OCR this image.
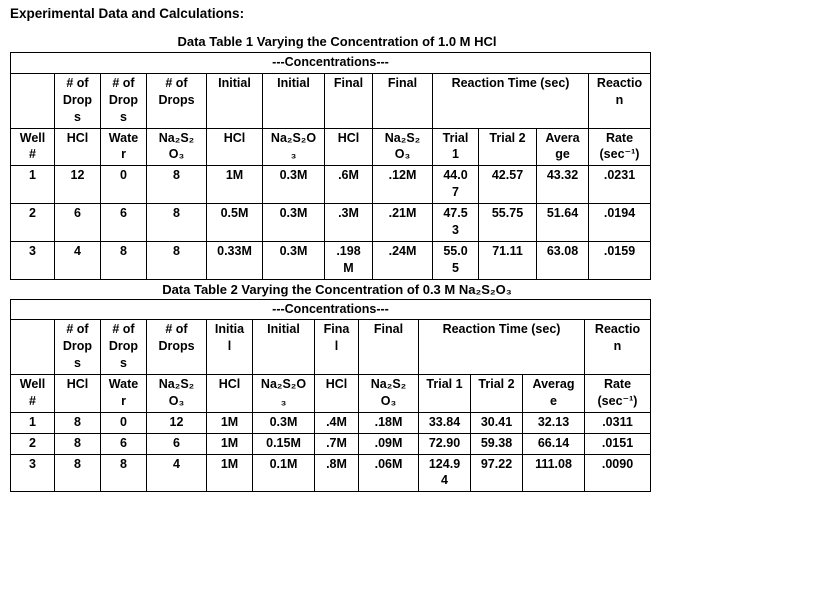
Experimental Data and Calculations:

Data Table 1 Varying the Concentration of 1.0 M HCl

---Concentrations---											
	# of Drops	# of Drops	# of Drops	Initial	Initial	Final	Final	Reaction Time (sec)			Reaction
Well #	HCl	Water	Na₂S₂O₃	HCl	Na₂S₂O₃	HCl	Na₂S₂O₃	Trial 1	Trial 2	Average	Rate (sec⁻¹)
1	12	0	8	1M	0.3M	.6M	.12M	44.07	42.57	43.32	.0231
2	6	6	8	0.5M	0.3M	.3M	.21M	47.53	55.75	51.64	.0194
3	4	8	8	0.33M	0.3M	.198M	.24M	55.05	71.11	63.08	.0159

Data Table 2 Varying the Concentration of 0.3 M Na₂S₂O₃

---Concentrations---											
	# of Drops	# of Drops	# of Drops	Initial	Initial	Final	Final	Reaction Time (sec)			Reaction
Well #	HCl	Water	Na₂S₂O₃	HCl	Na₂S₂O₃	HCl	Na₂S₂O₃	Trial 1	Trial 2	Average	Rate (sec⁻¹)
1	8	0	12	1M	0.3M	.4M	.18M	33.84	30.41	32.13	.0311
2	8	6	6	1M	0.15M	.7M	.09M	72.90	59.38	66.14	.0151
3	8	8	4	1M	0.1M	.8M	.06M	124.94	97.22	111.08	.0090
